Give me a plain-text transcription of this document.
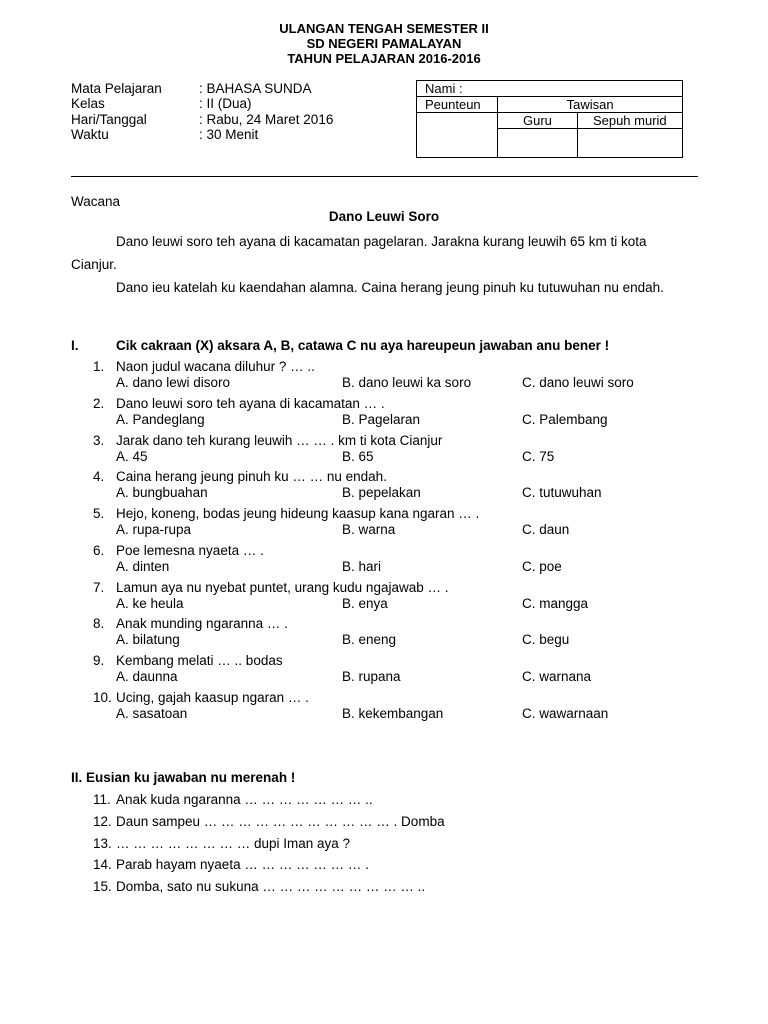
ULANGAN TENGAH SEMESTER II
SD NEGERI PAMALAYAN
TAHUN PELAJARAN 2016-2016
Mata Pelajaran	: BAHASA SUNDA
Kelas	: II (Dua)
Hari/Tanggal	: Rabu, 24 Maret 2016
Waktu	: 30 Menit
Nami :		
Peunteun	Tawisan	
	Guru	Sepuh murid

Wacana
Dano Leuwi Soro
Dano leuwi soro teh ayana di kacamatan pagelaran. Jarakna kurang leuwih 65 km ti kota Cianjur.
Dano ieu katelah ku kaendahan alamna. Caina herang jeung pinuh ku tutuwuhan nu endah.
I.	Cik cakraan (X) aksara A, B, catawa C nu aya hareupeun jawaban anu bener !
1. Naon judul wacana diluhur ? … ..
A. dano lewi disoro	B. dano leuwi ka soro	C. dano leuwi soro
2. Dano leuwi soro teh ayana di kacamatan … .
A. Pandeglang	B. Pagelaran	C. Palembang
3. Jarak dano teh kurang leuwih … … . km ti kota Cianjur
A. 45	B. 65	C. 75
4. Caina herang jeung pinuh ku … … nu endah.
A. bungbuahan	B. pepelakan	C. tutuwuhan
5. Hejo, koneng, bodas jeung hideung kaasup kana ngaran … .
A. rupa-rupa	B. warna	C. daun
6. Poe lemesna nyaeta … .
A. dinten	B. hari	C. poe
7. Lamun aya nu nyebat puntet, urang kudu ngajawab … .
A. ke heula	B. enya	C. mangga
8. Anak munding ngaranna … .
A. bilatung	B. eneng	C. begu
9. Kembang melati … .. bodas
A. daunna	B. rupana	C. warnana
10. Ucing, gajah kaasup ngaran … .
A. sasatoan	B. kekembangan	C. wawarnaan
II. Eusian ku jawaban nu merenah !
11. Anak kuda ngaranna … … … … … … … ..
12. Daun sampeu … … … … … … … … … … … . Domba
13. … … … … … … … … dupi Iman aya ?
14. Parab hayam nyaeta … … … … … … … .
15. Domba, sato nu sukuna … … … … … … … … … ..
